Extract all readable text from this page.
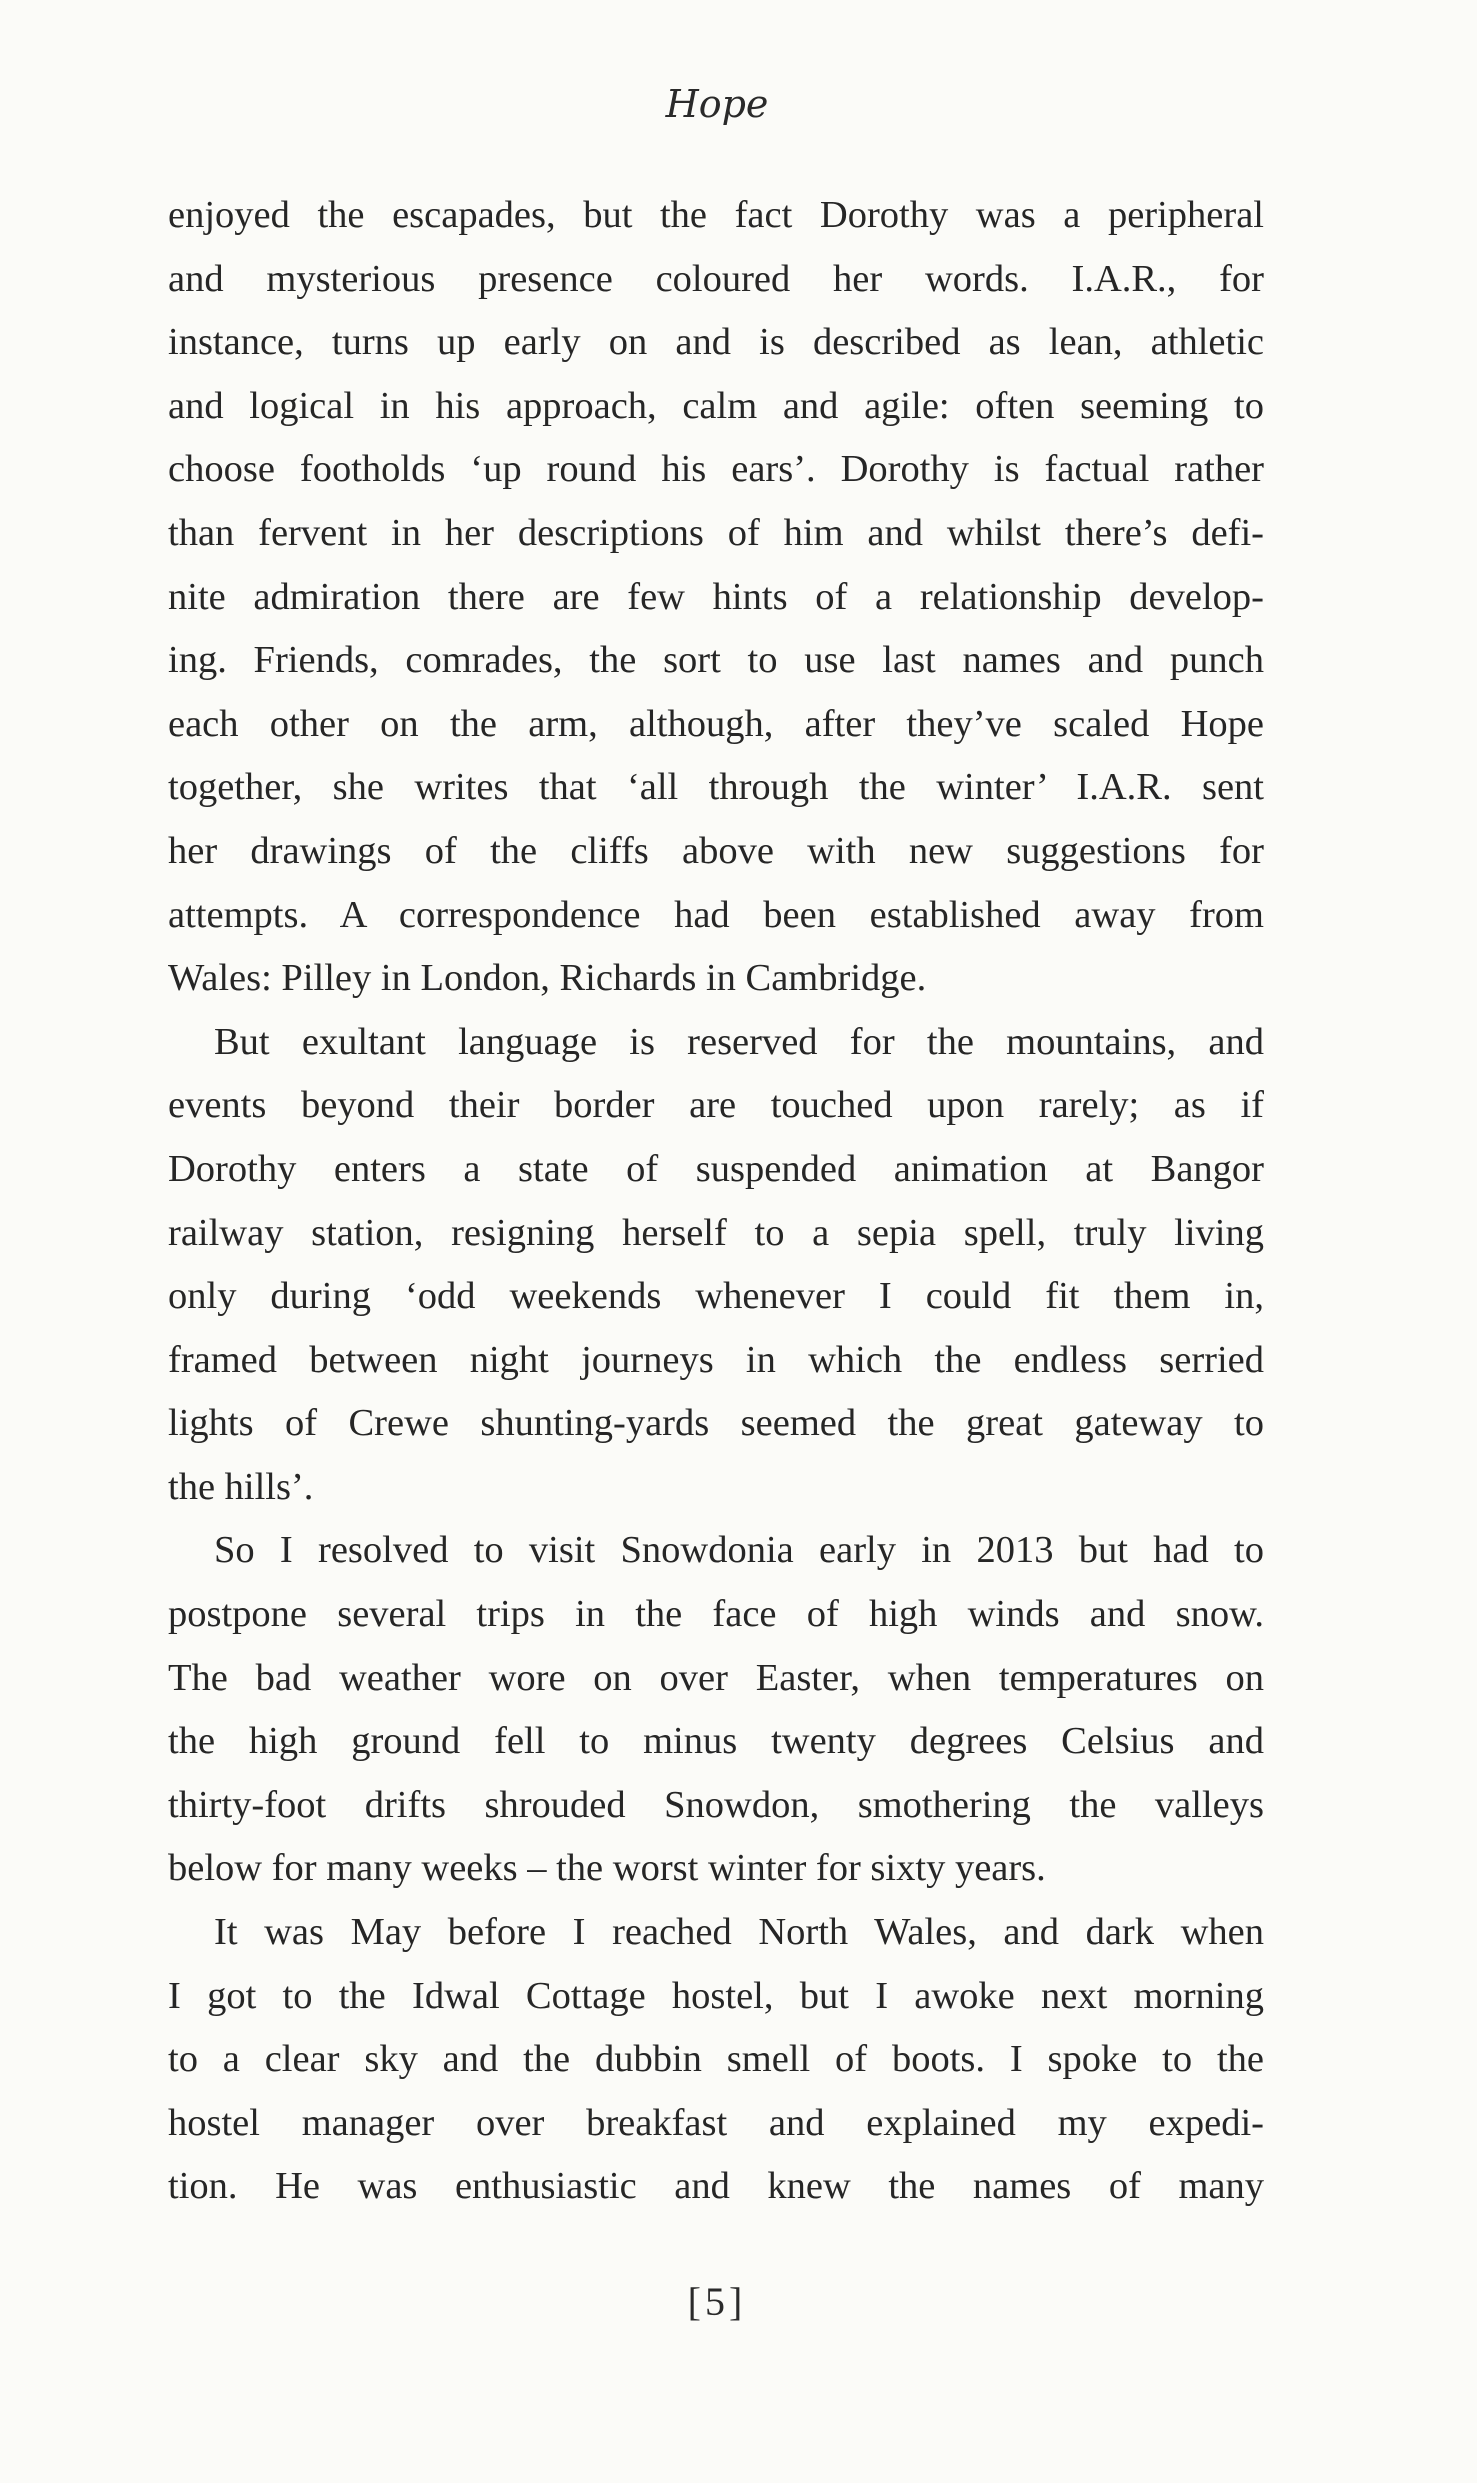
Hope
enjoyed the escapades, but the fact Dorothy was a peripheral
and mysterious presence coloured her words. I.A.R., for
instance, turns up early on and is described as lean, athletic
and logical in his approach, calm and agile: often seeming to
choose footholds ‘up round his ears’. Dorothy is factual rather
than fervent in her descriptions of him and whilst there’s defi-
nite admiration there are few hints of a relationship develop-
ing. Friends, comrades, the sort to use last names and punch
each other on the arm, although, after they’ve scaled Hope
together, she writes that ‘all through the winter’ I.A.R. sent
her drawings of the cliffs above with new suggestions for
attempts. A correspondence had been established away from
Wales: Pilley in London, Richards in Cambridge.
But exultant language is reserved for the mountains, and
events beyond their border are touched upon rarely; as if
Dorothy enters a state of suspended animation at Bangor
railway station, resigning herself to a sepia spell, truly living
only during ‘odd weekends whenever I could fit them in,
framed between night journeys in which the endless serried
lights of Crewe shunting-yards seemed the great gateway to
the hills’.
So I resolved to visit Snowdonia early in 2013 but had to
postpone several trips in the face of high winds and snow.
The bad weather wore on over Easter, when temperatures on
the high ground fell to minus twenty degrees Celsius and
thirty-foot drifts shrouded Snowdon, smothering the valleys
below for many weeks – the worst winter for sixty years.
It was May before I reached North Wales, and dark when
I got to the Idwal Cottage hostel, but I awoke next morning
to a clear sky and the dubbin smell of boots. I spoke to the
hostel manager over breakfast and explained my expedi-
tion. He was enthusiastic and knew the names of many
[5]
